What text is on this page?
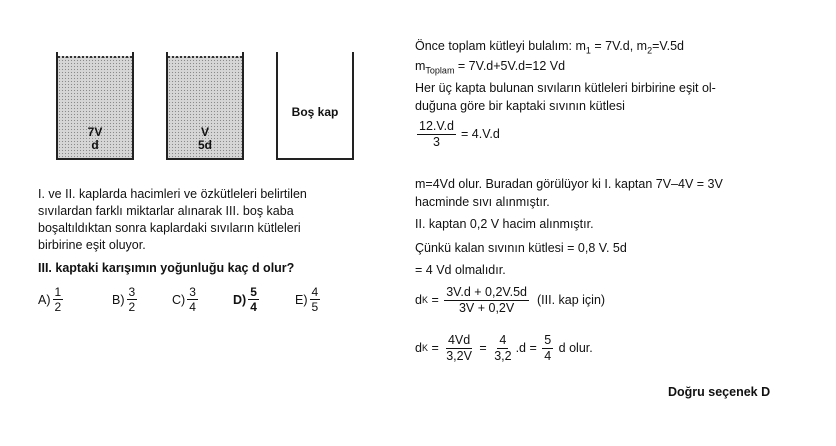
7V
d
V
5d
Boş kap
I. ve II. kaplarda hacimleri ve özkütleleri belirtilen
sıvılardan farklı miktarlar alınarak III. boş kaba
boşaltıldıktan sonra kaplardaki sıvıların kütleleri
birbirine eşit oluyor.
III. kaptaki karışımın yoğunluğu kaç d olur?
$A) \frac{1}{2}$	$B) \frac{3}{2}$	$C) \frac{3}{4}$	$D) \frac{5}{4}$	$E) \frac{4}{5}$
Önce toplam kütleyi bulalım: $m_1 = 7V.d$, $m_2=V.5d$
$m_{Toplam} = 7V.d+5V.d=12$ Vd
Her üç kapta bulunan sıvıların kütleleri birbirine eşit ol-
duğuna göre bir kaptaki sıvının kütlesi
$\frac{12.V.d}{3} = 4.V.d$
m=4Vd olur. Buradan görülüyor ki I. kaptan 7V–4V = 3V
hacminde sıvı alınmıştır.
II. kaptan 0,2 V hacim alınmıştır.
Çünkü kalan sıvının kütlesi = 0,8 V. 5d
= 4 Vd olmalıdır.
d $K = \frac{3V.d + 0,2V.5d}{3V + 0,2V} (III$. kap için)
d $K = \frac{4Vd}{3,2V} = \frac{4}{3,2} .d = \frac{5}{4}$ d olur.
Doğru seçenek D
